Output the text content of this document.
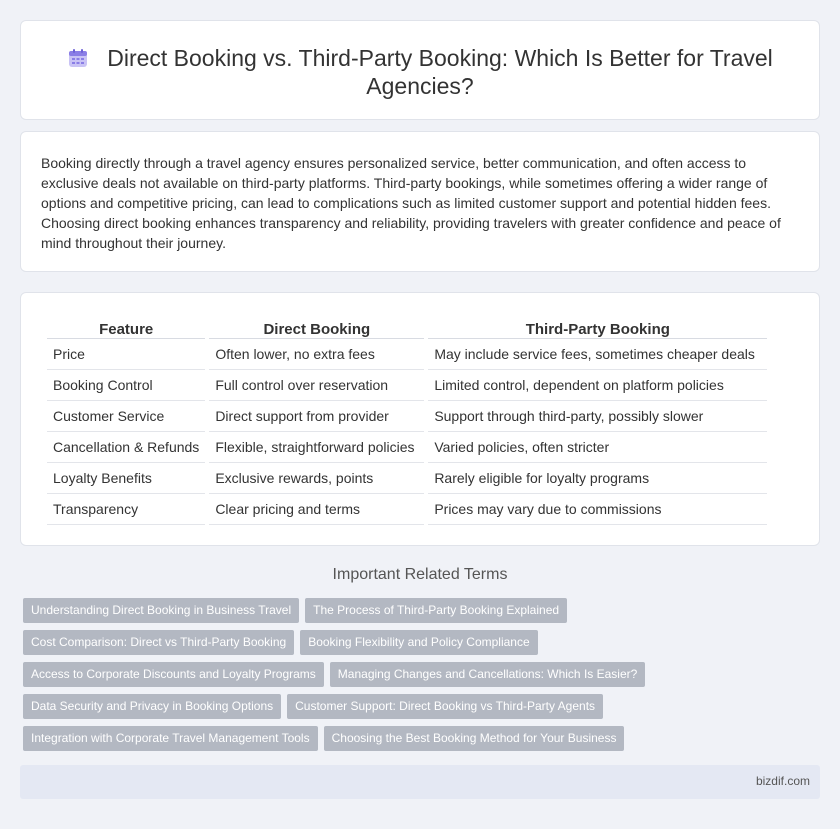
Direct Booking vs. Third-Party Booking: Which Is Better for Travel Agencies?

Booking directly through a travel agency ensures personalized service, better communication, and often access to exclusive deals not available on third-party platforms. Third-party bookings, while sometimes offering a wider range of options and competitive pricing, can lead to complications such as limited customer support and potential hidden fees. Choosing direct booking enhances transparency and reliability, providing travelers with greater confidence and peace of mind throughout their journey.

Feature	Direct Booking	Third-Party Booking
Price	Often lower, no extra fees	May include service fees, sometimes cheaper deals
Booking Control	Full control over reservation	Limited control, dependent on platform policies
Customer Service	Direct support from provider	Support through third-party, possibly slower
Cancellation & Refunds	Flexible, straightforward policies	Varied policies, often stricter
Loyalty Benefits	Exclusive rewards, points	Rarely eligible for loyalty programs
Transparency	Clear pricing and terms	Prices may vary due to commissions
Important Related Terms
Understanding Direct Booking in Business Travel The Process of Third-Party Booking Explained
Cost Comparison: Direct vs Third-Party Booking Booking Flexibility and Policy Compliance
Access to Corporate Discounts and Loyalty Programs Managing Changes and Cancellations: Which Is Easier?
Data Security and Privacy in Booking Options Customer Support: Direct Booking vs Third-Party Agents
Integration with Corporate Travel Management Tools Choosing the Best Booking Method for Your Business
bizdif.com
